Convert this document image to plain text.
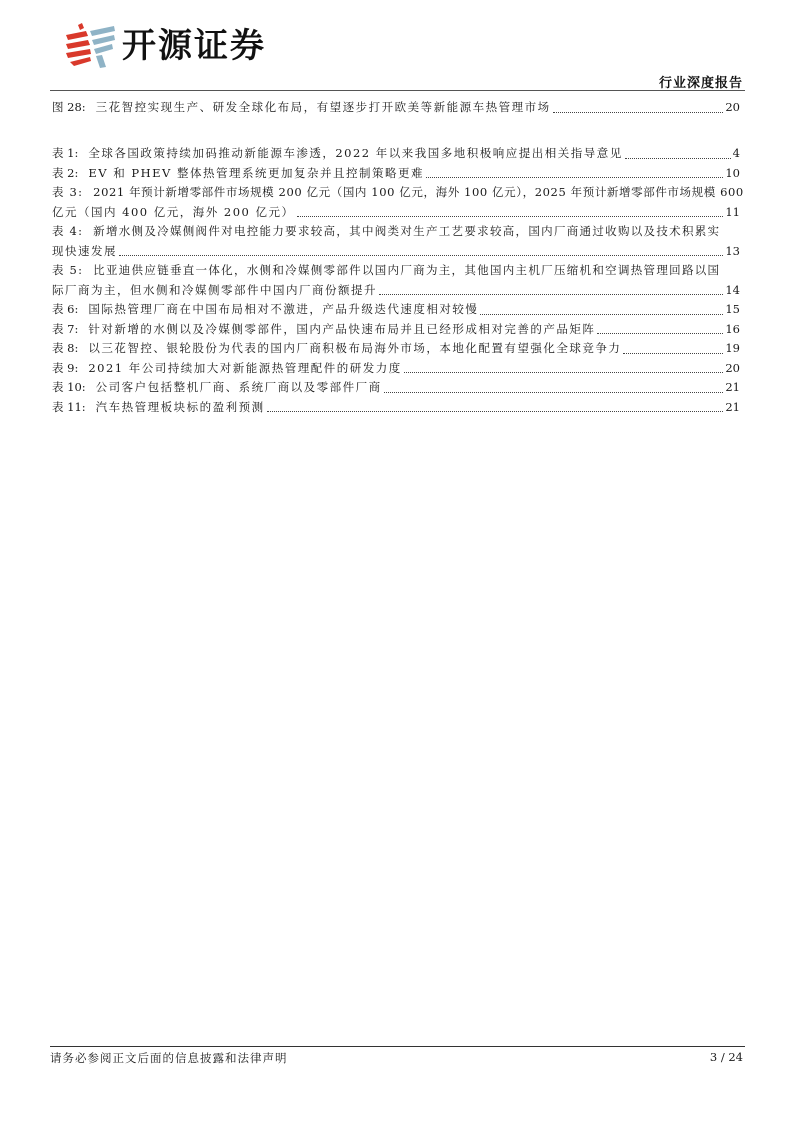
开源证券
行业深度报告
图 28: 三花智控实现生产、研发全球化布局，有望逐步打开欧美等新能源车热管理市场	20
表 1: 全球各国政策持续加码推动新能源车渗透，2022 年以来我国多地积极响应提出相关指导意见	4
表 2: EV 和 PHEV 整体热管理系统更加复杂并且控制策略更难	10
表 3: 2021 年预计新增零部件市场规模 200 亿元（国内 100 亿元，海外 100 亿元），2025 年预计新增零部件市场规模 600
亿元（国内 400 亿元，海外 200 亿元）	11
表 4: 新增水侧及冷媒侧阀件对电控能力要求较高，其中阀类对生产工艺要求较高，国内厂商通过收购以及技术积累实
现快速发展	13
表 5: 比亚迪供应链垂直一体化，水侧和冷媒侧零部件以国内厂商为主，其他国内主机厂压缩机和空调热管理回路以国
际厂商为主，但水侧和冷媒侧零部件中国内厂商份额提升	14
表 6: 国际热管理厂商在中国布局相对不激进，产品升级迭代速度相对较慢	15
表 7: 针对新增的水侧以及冷媒侧零部件，国内产品快速布局并且已经形成相对完善的产品矩阵	16
表 8: 以三花智控、银轮股份为代表的国内厂商积极布局海外市场，本地化配置有望强化全球竞争力	19
表 9: 2021 年公司持续加大对新能源热管理配件的研发力度	20
表 10: 公司客户包括整机厂商、系统厂商以及零部件厂商	21
表 11: 汽车热管理板块标的盈利预测	21
请务必参阅正文后面的信息披露和法律声明	3 / 24
